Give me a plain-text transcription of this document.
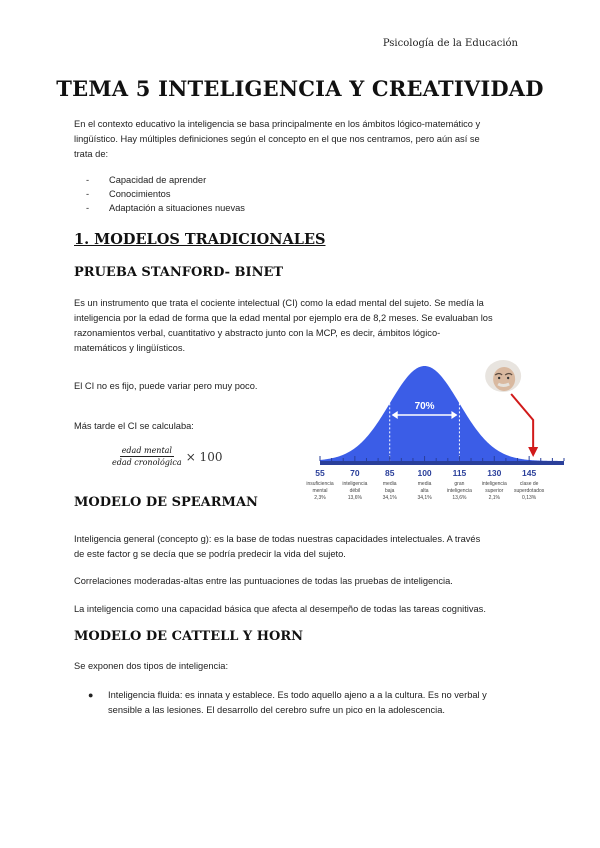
Psicología de la Educación
TEMA 5 INTELIGENCIA Y CREATIVIDAD
En el contexto educativo la inteligencia se basa principalmente en los ámbitos lógico-matemático y
lingüístico. Hay múltiples definiciones según el concepto en el que nos centramos, pero aún así se
trata de:
-	Capacidad de aprender
-	Conocimientos
-	Adaptación a situaciones nuevas
1. MODELOS TRADICIONALES
PRUEBA STANFORD- BINET
Es un instrumento que trata el cociente intelectual (CI) como la edad mental del sujeto. Se medía la
inteligencia por la edad de forma que la edad mental por ejemplo era de 8,2 meses. Se evaluaban los
razonamientos verbal, cuantitativo y abstracto junto con la MCP, es decir, ámbitos lógico-
matemáticos y lingüísticos.
El CI no es fijo, puede variar pero muy poco.
Más tarde el CI se calculaba:
$\frac{\text{edad mental}}{\text{edad cronológica}} \times 100$
70%
55	70	85	100 115 130 145
insuficiencia
mental
2,3%
inteligencia
débil
13,6%
media
baja
34,1%
media
alta
34,1%
gran
inteligencia
13,6%
inteligencia
superior
2,1%
clase de
superdotados
0,13%
MODELO DE SPEARMAN
Inteligencia general (concepto g): es la base de todas nuestras capacidades intelectuales. A través
de este factor g se decía que se podría predecir la vida del sujeto.
Correlaciones moderadas-altas entre las puntuaciones de todas las pruebas de inteligencia.
La inteligencia como una capacidad básica que afecta al desempeño de todas las tareas cognitivas.
MODELO DE CATTELL Y HORN
Se exponen dos tipos de inteligencia:
●	Inteligencia fluida: es innata y establece. Es todo aquello ajeno a a la cultura. Es no verbal y
sensible a las lesiones. El desarrollo del cerebro sufre un pico en la adolescencia.
